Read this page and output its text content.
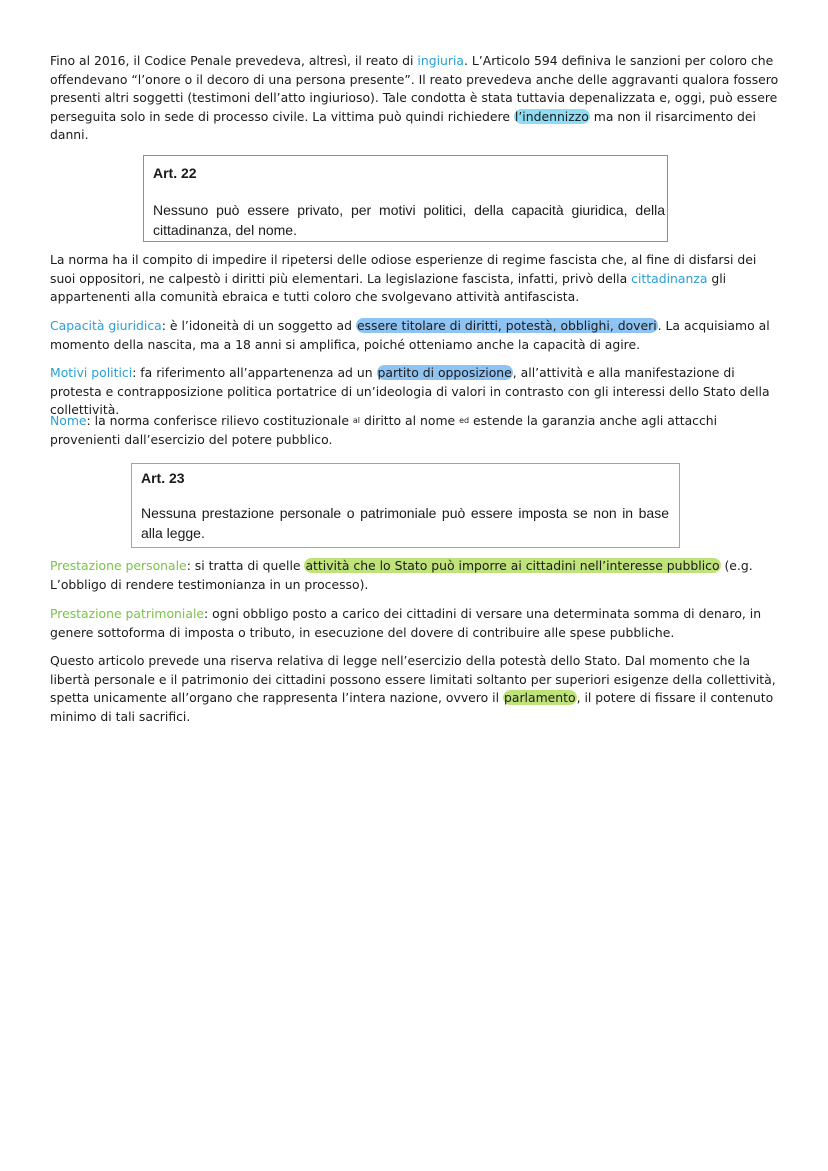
Fino al 2016, il Codice Penale prevedeva, altresì, il reato di ingiuria. L’Articolo 594 definiva le sanzioni per coloro che offendevano “l’onore o il decoro di una persona presente”. Il reato prevedeva anche delle aggravanti qualora fossero presenti altri soggetti (testimoni dell’atto ingiurioso). Tale condotta è stata tuttavia depenalizzata e, oggi, può essere perseguita solo in sede di processo civile. La vittima può quindi richiedere l’indennizzo ma non il risarcimento dei danni.

Art. 22

Nessuno può essere privato, per motivi politici, della capacità giuridica, della cittadinanza, del nome.

La norma ha il compito di impedire il ripetersi delle odiose esperienze di regime fascista che, al fine di disfarsi dei suoi oppositori, ne calpestò i diritti più elementari. La legislazione fascista, infatti, privò della cittadinanza gli appartenenti alla comunità ebraica e tutti coloro che svolgevano attività antifascista.

Capacità giuridica: è l’idoneità di un soggetto ad essere titolare di diritti, potestà, obblighi, doveri. La acquisiamo al momento della nascita, ma a 18 anni si amplifica, poiché otteniamo anche la capacità di agire.

Motivi politici: fa riferimento all’appartenenza ad un partito di opposizione, all’attività e alla manifestazione di protesta e contrapposizione politica portatrice di un’ideologia di valori in contrasto con gli interessi dello Stato della collettività.

Nome: la norma conferisce rilievo costituzionale al diritto al nome ed estende la garanzia anche agli attacchi provenienti dall’esercizio del potere pubblico.

Art. 23

Nessuna prestazione personale o patrimoniale può essere imposta se non in base alla legge.

Prestazione personale: si tratta di quelle attività che lo Stato può imporre ai cittadini nell’interesse pubblico (e.g. L’obbligo di rendere testimonianza in un processo).

Prestazione patrimoniale: ogni obbligo posto a carico dei cittadini di versare una determinata somma di denaro, in genere sottoforma di imposta o tributo, in esecuzione del dovere di contribuire alle spese pubbliche.

Questo articolo prevede una riserva relativa di legge nell’esercizio della potestà dello Stato. Dal momento che la libertà personale e il patrimonio dei cittadini possono essere limitati soltanto per superiori esigenze della collettività, spetta unicamente all’organo che rappresenta l’intera nazione, ovvero il parlamento, il potere di fissare il contenuto minimo di tali sacrifici.
